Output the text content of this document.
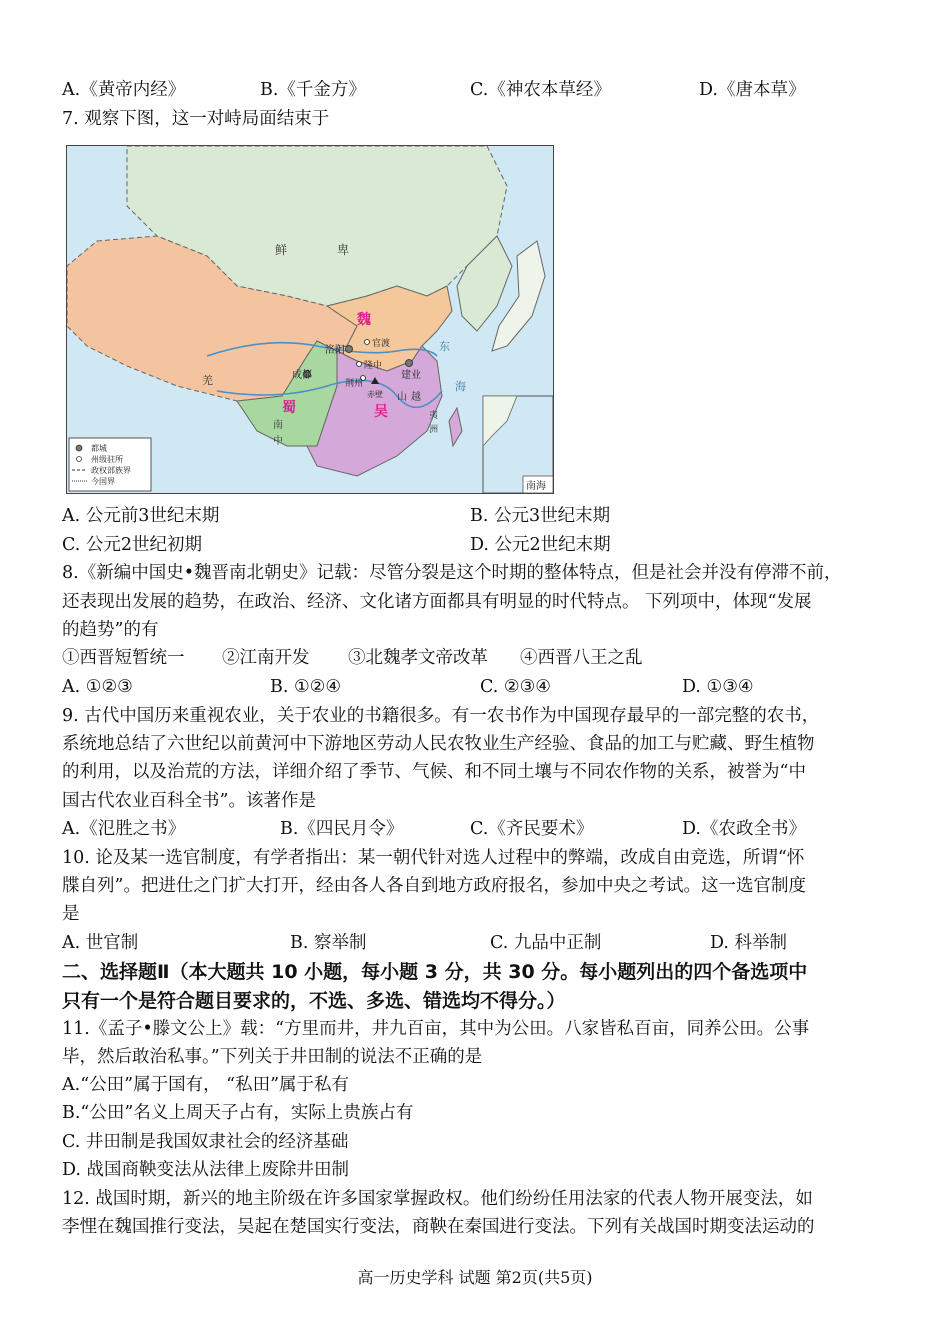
A.《黄帝内经》	B.《千金方》	C.《神农本草经》	D.《唐本草》
7. 观察下图，这一对峙局面结束于
都城
州级驻所
政权部族界
今国界	南海
鲜	卑
魏
蜀	吴
南
中
羌
山 越
夷
洲
洛阳
官渡
隆中
成都	建业
荆州
赤壁
东
海
A. 公元前3世纪末期	B. 公元3世纪末期
C. 公元2世纪初期	D. 公元2世纪末期
8.《新编中国史•魏晋南北朝史》记载：尽管分裂是这个时期的整体特点，但是社会并没有停滞不前，
还表现出发展的趋势，在政治、经济、文化诸方面都具有明显的时代特点。 下列项中，体现“发展
的趋势”的有
①西晋短暂统一 ②江南开发 ③北魏孝文帝改革 ④西晋八王之乱
A. ①②③	B. ①②④	C. ②③④	D. ①③④
9. 古代中国历来重视农业，关于农业的书籍很多。有一农书作为中国现存最早的一部完整的农书，
系统地总结了六世纪以前黄河中下游地区劳动人民农牧业生产经验、食品的加工与贮藏、野生植物
的利用，以及治荒的方法，详细介绍了季节、气候、和不同土壤与不同农作物的关系，被誉为“中
国古代农业百科全书”。该著作是
A.《氾胜之书》	B.《四民月令》	C.《齐民要术》	D.《农政全书》
10. 论及某一选官制度，有学者指出：某一朝代针对选人过程中的弊端，改成自由竞选，所谓“怀
牒自列”。把进仕之门扩大打开，经由各人各自到地方政府报名，参加中央之考试。这一选官制度
是
A. 世官制	B. 察举制	C. 九品中正制	D. 科举制
二、选择题Ⅱ（本大题共 10 小题，每小题 3 分，共 30 分。每小题列出的四个备选项中
只有一个是符合题目要求的，不选、多选、错选均不得分。）
11.《孟子•滕文公上》载：“方里而井，井九百亩，其中为公田。八家皆私百亩，同养公田。公事
毕，然后敢治私事。”下列关于井田制的说法不正确的是
A.“公田”属于国有， “私田”属于私有
B.“公田”名义上周天子占有，实际上贵族占有
C. 井田制是我国奴隶社会的经济基础
D. 战国商鞅变法从法律上废除井田制
12. 战国时期，新兴的地主阶级在许多国家掌握政权。他们纷纷任用法家的代表人物开展变法，如
李悝在魏国推行变法，吴起在楚国实行变法，商鞅在秦国进行变法。下列有关战国时期变法运动的
高一历史学科 试题 第2页(共5页)
